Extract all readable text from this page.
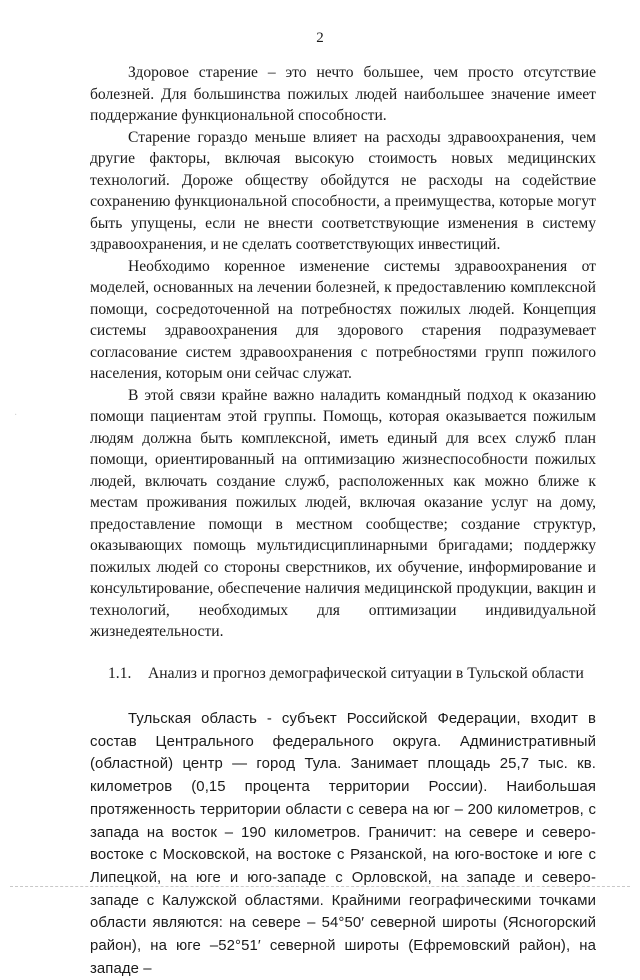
2

Здоровое старение – это нечто большее, чем просто отсутствие болезней. Для большинства пожилых людей наибольшее значение имеет поддержание функциональной способности.

Старение гораздо меньше влияет на расходы здравоохранения, чем другие факторы, включая высокую стоимость новых медицинских технологий. Дороже обществу обойдутся не расходы на содействие сохранению функциональной способности, а преимущества, которые могут быть упущены, если не внести соответствующие изменения в систему здравоохранения, и не сделать соответствующих инвестиций.

Необходимо коренное изменение системы здравоохранения от моделей, основанных на лечении болезней, к предоставлению комплексной помощи, сосредоточенной на потребностях пожилых людей. Концепция системы здравоохранения для здорового старения подразумевает согласование систем здравоохранения с потребностями групп пожилого населения, которым они сейчас служат.

В этой связи крайне важно наладить командный подход к оказанию помощи пациентам этой группы. Помощь, которая оказывается пожилым людям должна быть комплексной, иметь единый для всех служб план помощи, ориентированный на оптимизацию жизнеспособности пожилых людей, включать создание служб, расположенных как можно ближе к местам проживания пожилых людей, включая оказание услуг на дому, предоставление помощи в местном сообществе; создание структур, оказывающих помощь мультидисциплинарными бригадами; поддержку пожилых людей со стороны сверстников, их обучение, информирование и консультирование, обеспечение наличия медицинской продукции, вакцин и технологий, необходимых для оптимизации индивидуальной жизнедеятельности.

1.1. Анализ и прогноз демографической ситуации в Тульской области

Тульская область - субъект Российской Федерации, входит в состав Центрального федерального округа. Административный (областной) центр — город Тула. Занимает площадь 25,7 тыс. кв. километров (0,15 процента территории России). Наибольшая протяженность территории области с севера на юг – 200 километров, с запада на восток – 190 километров. Граничит: на севере и северо-востоке с Московской, на востоке с Рязанской, на юго-востоке и юге с Липецкой, на юге и юго-западе с Орловской, на западе и северо-западе с Калужской областями. Крайними географическими точками области являются: на севере – 54°50′ северной широты (Ясногорский район), на юге –52°51′ северной широты (Ефремовский район), на западе –

·
